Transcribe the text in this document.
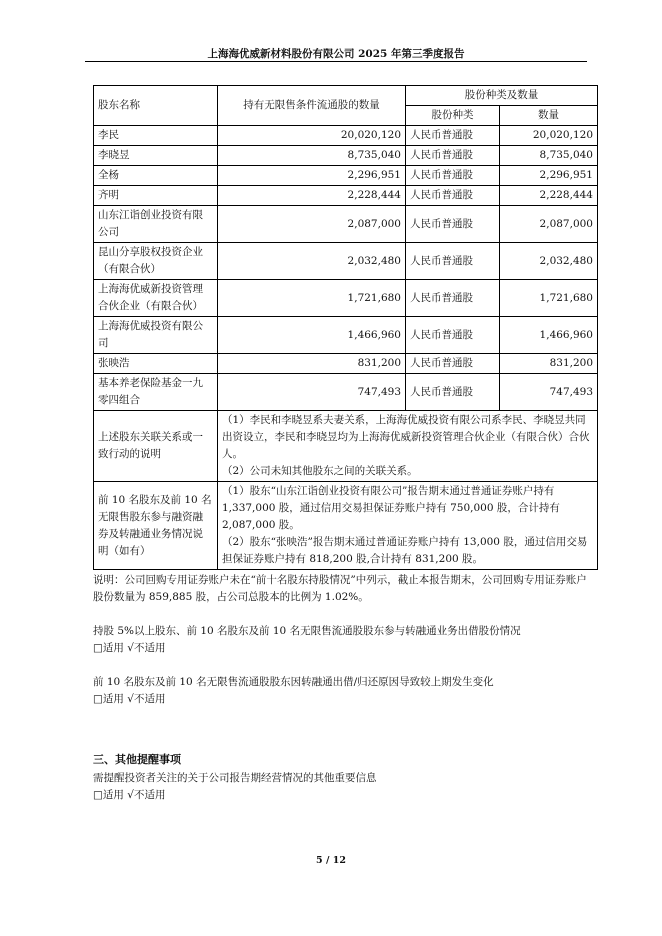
上海海优威新材料股份有限公司 2025 年第三季度报告
股东名称	持有无限售条件流通股的数量	股份种类及数量	
		股份种类	数量
李民	20,020,120	人民币普通股	20,020,120
李晓昱	8,735,040	人民币普通股	8,735,040
全杨	2,296,951	人民币普通股	2,296,951
齐明	2,228,444	人民币普通股	2,228,444
山东江诣创业投资有限公司	2,087,000	人民币普通股	2,087,000
昆山分享股权投资企业（有限合伙）	2,032,480	人民币普通股	2,032,480
上海海优威新投资管理合伙企业（有限合伙）	1,721,680	人民币普通股	1,721,680
上海海优威投资有限公司	1,466,960	人民币普通股	1,466,960
张映浩	831,200	人民币普通股	831,200
基本养老保险基金一九零四组合	747,493	人民币普通股	747,493
上述股东关联关系或一致行动的说明	（1）李民和李晓昱系夫妻关系，上海海优威投资有限公司系李民、李晓昱共同出资设立，李民和李晓昱均为上海海优威新投资管理合伙企业（有限合伙）合伙人。
（2）公司未知其他股东之间的关联关系。		

前 10 名股东及前 10 名无限售股东参与融资融券及转融通业务情况说明（如有）	（1）股东“山东江诣创业投资有限公司”报告期末通过普通证券账户持有 1,337,000 股，通过信用交易担保证券账户持有 750,000 股，合计持有 2,087,000 股。
（2）股东“张映浩”报告期末通过普通证券账户持有 13,000 股，通过信用交易担保证券账户持有 818,200 股,合计持有 831,200 股。		
说明：公司回购专用证券账户未在“前十名股东持股情况”中列示，截止本报告期末，公司回购专用证券账户股份数量为 859,885 股，占公司总股本的比例为 1.02%。
持股 5%以上股东、前 10 名股东及前 10 名无限售流通股股东参与转融通业务出借股份情况
□适用 √不适用
前 10 名股东及前 10 名无限售流通股股东因转融通出借/归还原因导致较上期发生变化
□适用 √不适用
三、其他提醒事项
需提醒投资者关注的关于公司报告期经营情况的其他重要信息
□适用 √不适用
5 / 12
